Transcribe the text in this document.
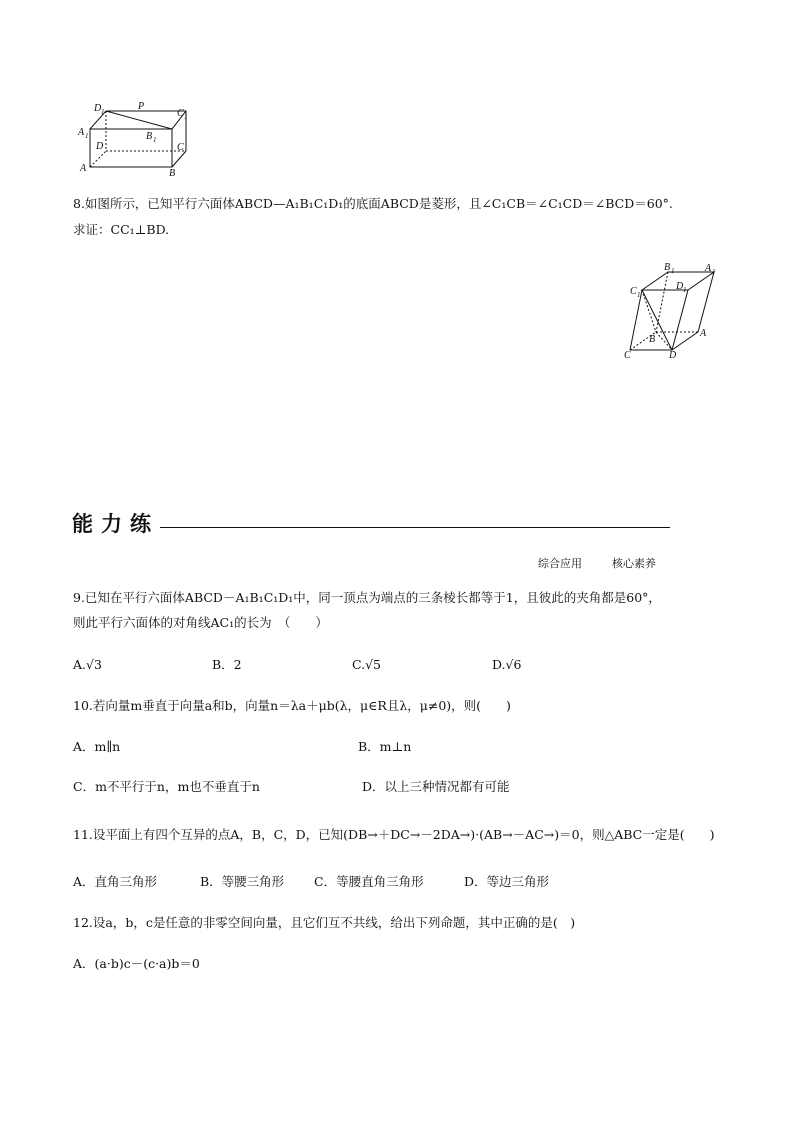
D 1	P
C 1
A 1	B 1
D	C
A	B
8.如图所示，已知平行六面体ABCD—A₁B₁C₁D₁的底面ABCD是菱形，且∠C₁CB＝∠C₁CD＝∠BCD＝60°.
求证：CC₁⊥BD.
B 1	A 1
C 1
D 1
B
A
C	D
能力练
综合应用	核心素养
9.已知在平行六面体ABCD－A₁B₁C₁D₁中，同一顶点为端点的三条棱长都等于1，且彼此的夹角都是60°，
则此平行六面体的对角线AC₁的长为　（　　）
A.√3	B．2	C.√5	D.√6
10.若向量m垂直于向量a和b，向量n＝λa＋μb(λ，μ∈R且λ，μ≠0)，则(　　)
A．m∥n	B．m⊥n
C．m不平行于n，m也不垂直于n	D．以上三种情况都有可能
11.设平面上有四个互异的点A，B，C，D，已知(DB→＋DC→－2DA→)·(AB→－AC→)＝0，则△ABC一定是(　　)
A．直角三角形	B．等腰三角形 C．等腰直角三角形	D．等边三角形
12.设a，b，c是任意的非零空间向量，且它们互不共线，给出下列命题，其中正确的是(　)
A．(a·b)c－(c·a)b＝0
